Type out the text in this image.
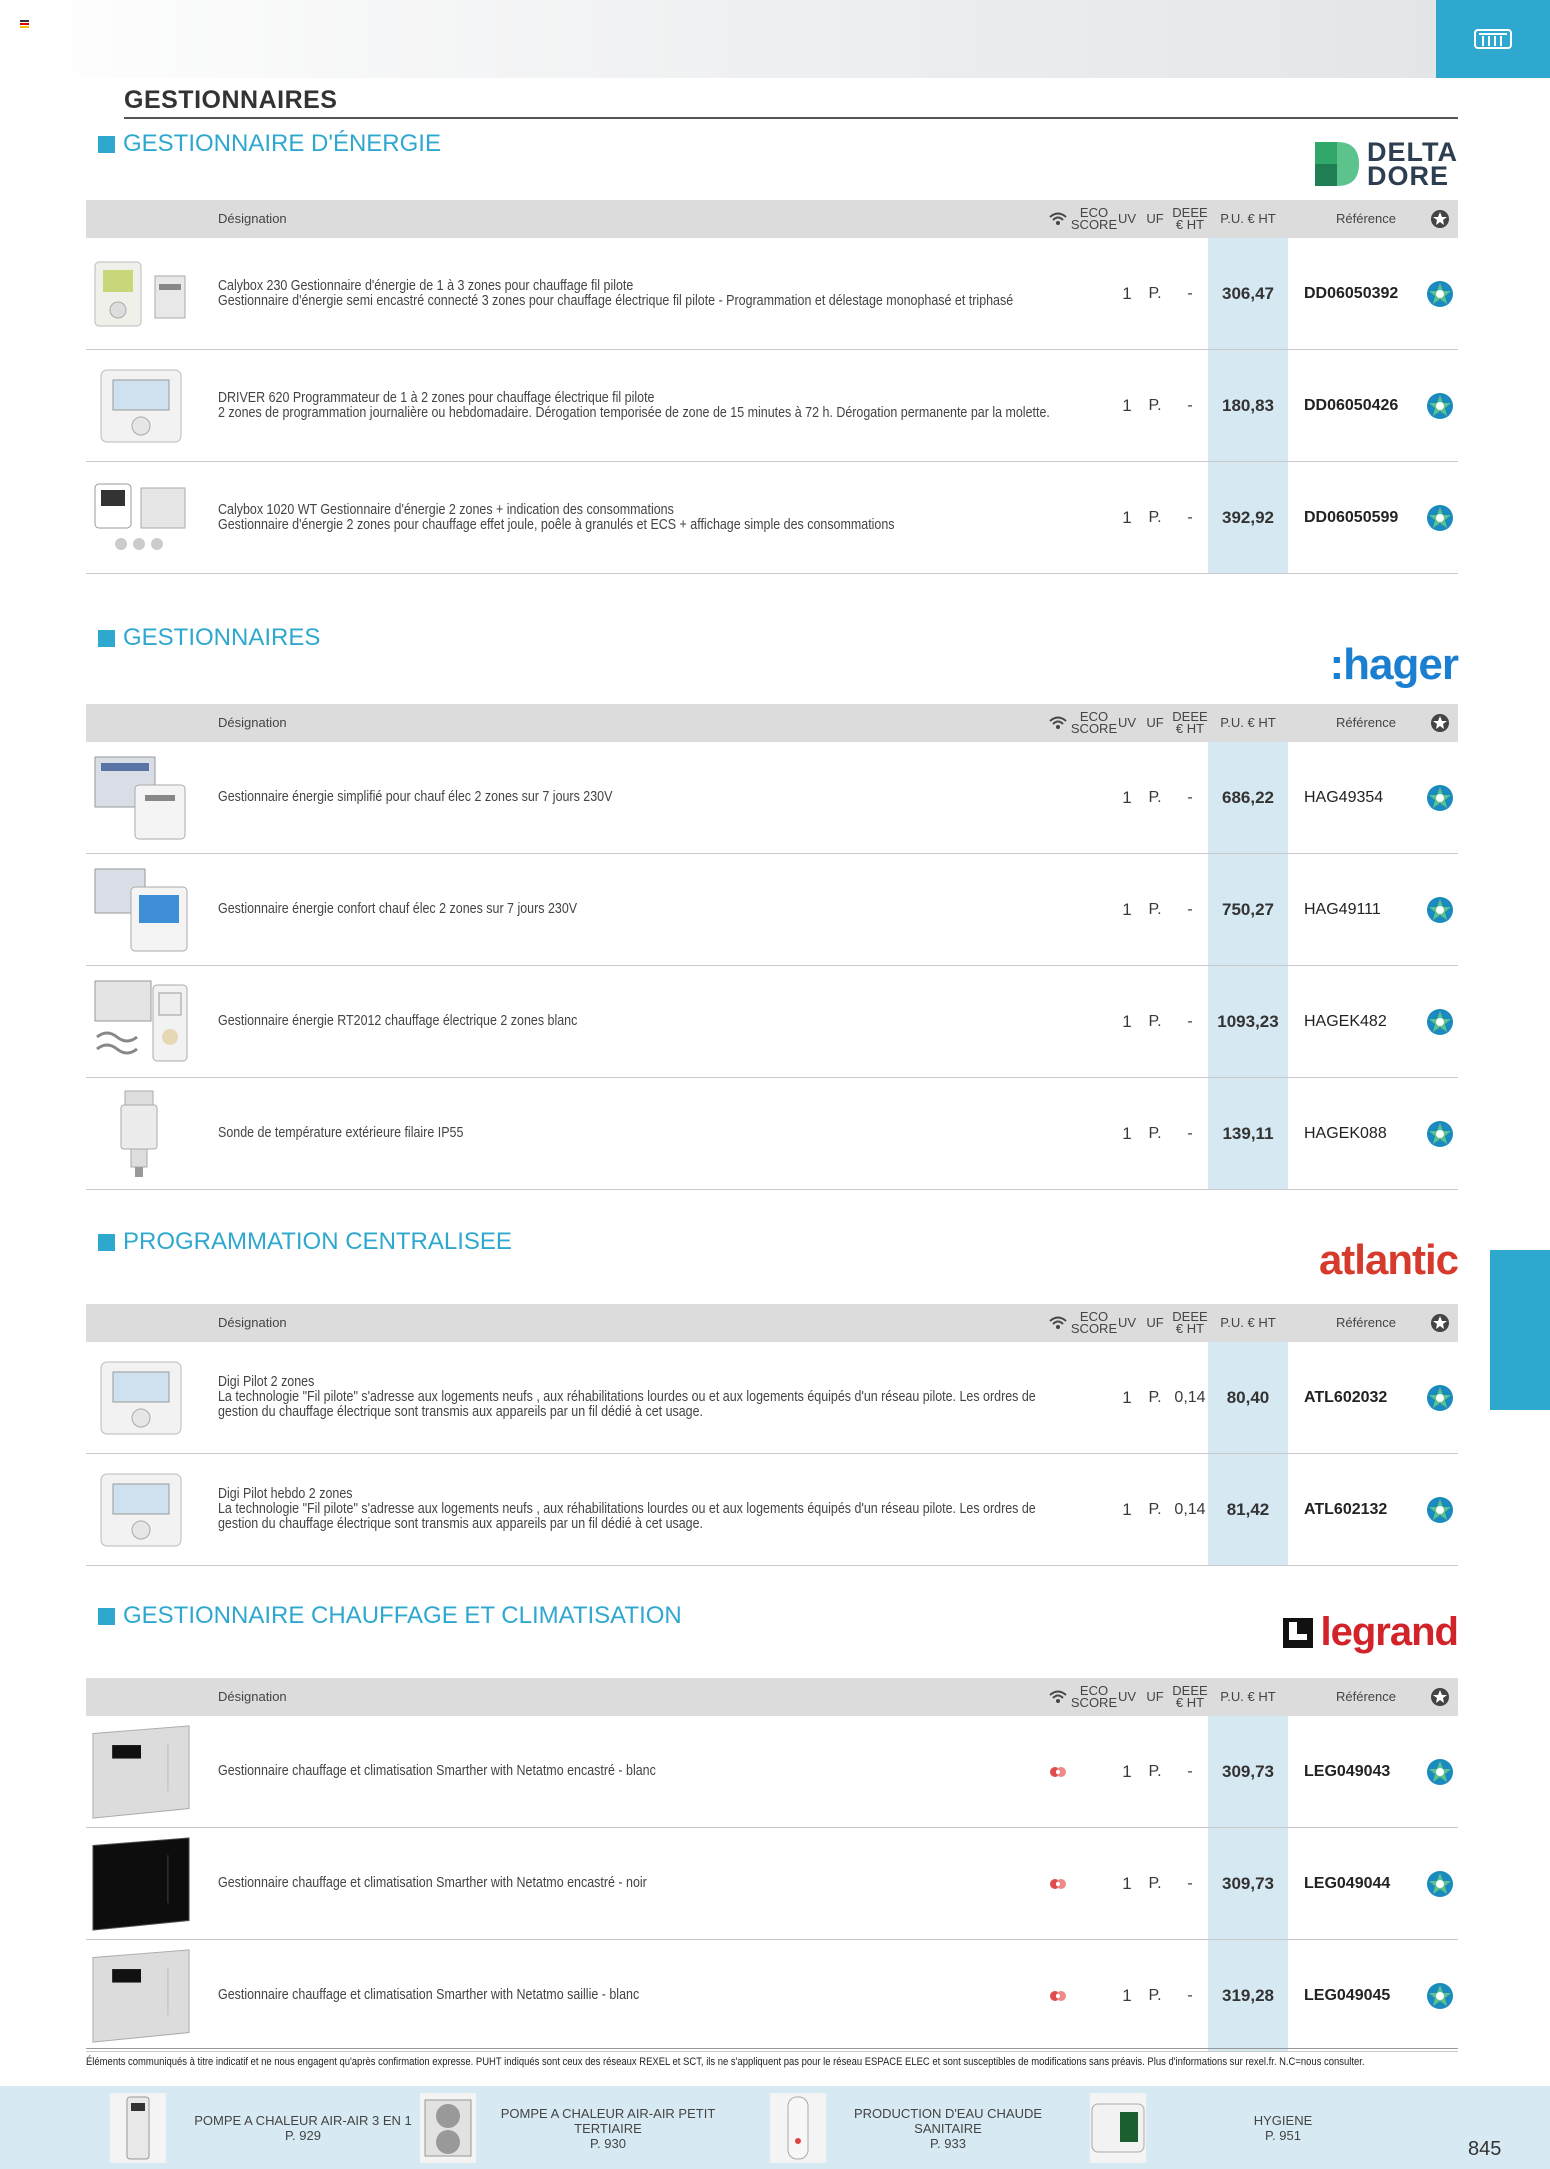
GESTIONNAIRES
GESTIONNAIRE D'ÉNERGIE	DELTA
DORE
Désignation	ECO
SCORE UV UF DEEE
€ HT	P.U. € HT	Référence
Calybox 230 Gestionnaire d'énergie de 1 à 3 zones pour chauffage fil pilote
Gestionnaire d'énergie semi encastré connecté 3 zones pour chauffage électrique fil pilote - Programmation et délestage monophasé et triphasé	1	P.	-	306,47	DD06050392
DRIVER 620 Programmateur de 1 à 2 zones pour chauffage électrique fil pilote
2 zones de programmation journalière ou hebdomadaire. Dérogation temporisée de zone de 15 minutes à 72 h. Dérogation permanente par la molette.	1	P.	-	180,83	DD06050426
Calybox 1020 WT Gestionnaire d'énergie 2 zones + indication des consommations
Gestionnaire d'énergie 2 zones pour chauffage effet joule, poêle à granulés et ECS + affichage simple des consommations	1	P.	-	392,92	DD06050599
GESTIONNAIRES
:hager
Désignation	ECO
SCORE UV UF DEEE
€ HT	P.U. € HT	Référence
Gestionnaire énergie simplifié pour chauf élec 2 zones sur 7 jours 230V	1	P.	-	686,22	HAG49354
Gestionnaire énergie confort chauf élec 2 zones sur 7 jours 230V	1	P.	-	750,27	HAG49111
Gestionnaire énergie RT2012 chauffage électrique 2 zones blanc	1	P.	-	1093,23	HAGEK482
Sonde de température extérieure filaire IP55	1	P.	-	139,11	HAGEK088
PROGRAMMATION CENTRALISEE	atlantic
Désignation	ECO
SCORE UV UF DEEE
€ HT	P.U. € HT	Référence
Digi Pilot 2 zones
La technologie "Fil pilote" s'adresse aux logements neufs , aux réhabilitations lourdes ou et aux logements équipés d'un réseau pilote. Les ordres de
gestion du chauffage électrique sont transmis aux appareils par un fil dédié à cet usage.
1	P. 0,14	80,40	ATL602032
Digi Pilot hebdo 2 zones
La technologie "Fil pilote" s'adresse aux logements neufs , aux réhabilitations lourdes ou et aux logements équipés d'un réseau pilote. Les ordres de
gestion du chauffage électrique sont transmis aux appareils par un fil dédié à cet usage.
1	P. 0,14	81,42	ATL602132
GESTIONNAIRE CHAUFFAGE ET CLIMATISATION	legrand
Désignation	ECO
SCORE UV UF DEEE
€ HT	P.U. € HT	Référence
Gestionnaire chauffage et climatisation Smarther with Netatmo encastré - blanc	1	P.	-	309,73	LEG049043
Gestionnaire chauffage et climatisation Smarther with Netatmo encastré - noir	1	P.	-	309,73	LEG049044
Gestionnaire chauffage et climatisation Smarther with Netatmo saillie - blanc	1	P.	-	319,28	LEG049045
Éléments communiqués à titre indicatif et ne nous engagent qu'après confirmation expresse. PUHT indiqués sont ceux des réseaux REXEL et SCT, ils ne s'appliquent pas pour le réseau ESPACE ELEC et sont susceptibles de modifications sans préavis. Plus d'informations sur rexel.fr. N.C=nous consulter.
POMPE A CHALEUR AIR-AIR 3 EN 1
P. 929
POMPE A CHALEUR AIR-AIR PETIT TERTIAIRE
P. 930
PRODUCTION D'EAU CHAUDE SANITAIRE
P. 933
HYGIENE
P. 951
845
